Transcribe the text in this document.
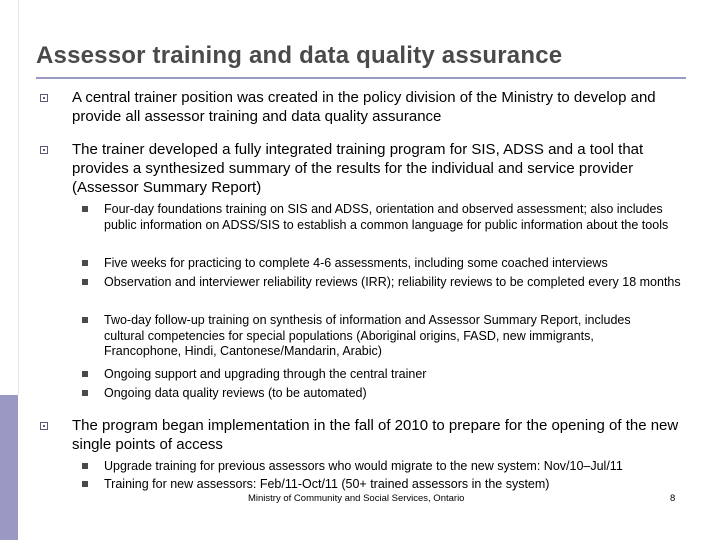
Assessor training and data quality assurance
A central trainer position was created in the policy division of the Ministry to develop and provide all assessor training and data quality assurance
The trainer developed a fully integrated training program for SIS, ADSS and a tool that provides a synthesized summary of the results for the individual and service provider (Assessor Summary Report)
Four-day foundations training on SIS and ADSS, orientation and observed assessment; also includes public information on ADSS/SIS to establish a common language for public information about the tools
Five weeks for practicing to complete 4-6 assessments, including some coached interviews
Observation and interviewer reliability reviews (IRR); reliability reviews to be completed every 18 months
Two-day follow-up training on synthesis of information and Assessor Summary Report, includes cultural competencies for special populations (Aboriginal origins, FASD, new immigrants, Francophone, Hindi, Cantonese/Mandarin, Arabic)
Ongoing support and upgrading through the central trainer
Ongoing data quality reviews (to be automated)
The program began implementation in the fall of 2010 to prepare for the opening of the new single points of access
Upgrade training for previous assessors who would migrate to the new system: Nov/10–Jul/11
Training for new assessors: Feb/11-Oct/11 (50+ trained assessors in the system)
Ministry of Community and Social Services, Ontario	8
